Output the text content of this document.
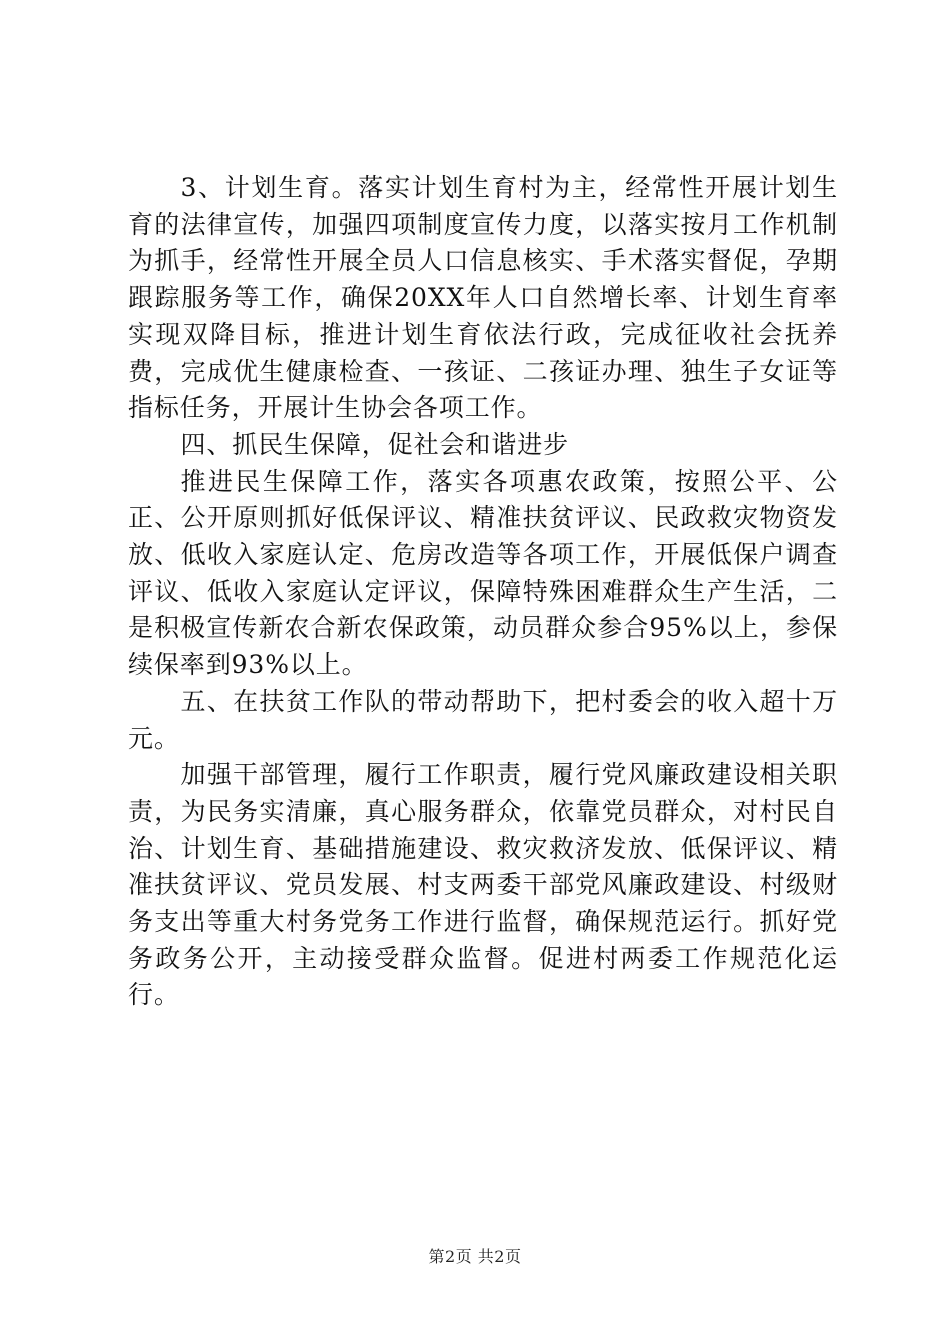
3、计划生育。落实计划生育村为主，经常性开展计划生育的法律宣传，加强四项制度宣传力度，以落实按月工作机制为抓手，经常性开展全员人口信息核实、手术落实督促，孕期跟踪服务等工作，确保20XX年人口自然增长率、计划生育率实现双降目标，推进计划生育依法行政，完成征收社会抚养费，完成优生健康检查、一孩证、二孩证办理、独生子女证等指标任务，开展计生协会各项工作。

四、抓民生保障，促社会和谐进步

推进民生保障工作，落实各项惠农政策，按照公平、公正、公开原则抓好低保评议、精准扶贫评议、民政救灾物资发放、低收入家庭认定、危房改造等各项工作，开展低保户调查评议、低收入家庭认定评议，保障特殊困难群众生产生活，二是积极宣传新农合新农保政策，动员群众参合95%以上，参保续保率到93%以上。

五、在扶贫工作队的带动帮助下，把村委会的收入超十万元。

加强干部管理，履行工作职责，履行党风廉政建设相关职责，为民务实清廉，真心服务群众，依靠党员群众，对村民自治、计划生育、基础措施建设、救灾救济发放、低保评议、精准扶贫评议、党员发展、村支两委干部党风廉政建设、村级财务支出等重大村务党务工作进行监督，确保规范运行。抓好党务政务公开，主动接受群众监督。促进村两委工作规范化运行。

第2页 共2页
